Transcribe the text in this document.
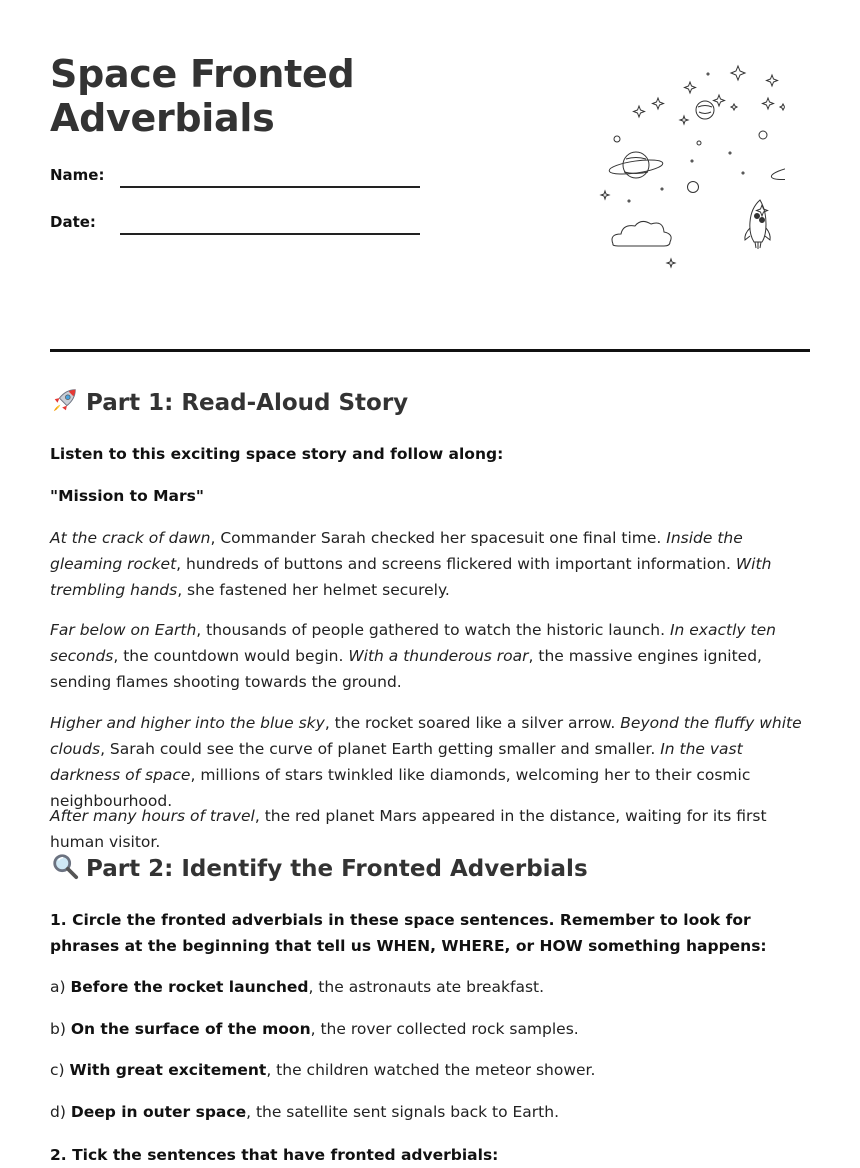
Space Fronted
Adverbials
Name:
Date:
Part 1: Read-Aloud Story

Listen to this exciting space story and follow along:

"Mission to Mars"

At the crack of dawn, Commander Sarah checked her spacesuit one final time. Inside the gleaming rocket, hundreds of buttons and screens flickered with important information. With trembling hands, she fastened her helmet securely.

Far below on Earth, thousands of people gathered to watch the historic launch. In exactly ten seconds, the countdown would begin. With a thunderous roar, the massive engines ignited, sending flames shooting towards the ground.

Higher and higher into the blue sky, the rocket soared like a silver arrow. Beyond the fluffy white clouds, Sarah could see the curve of planet Earth getting smaller and smaller. In the vast darkness of space, millions of stars twinkled like diamonds, welcoming her to their cosmic neighbourhood.

After many hours of travel, the red planet Mars appeared in the distance, waiting for its first human visitor.

Part 2: Identify the Fronted Adverbials

1. Circle the fronted adverbials in these space sentences. Remember to look for phrases at the beginning that tell us WHEN, WHERE, or HOW something happens:

a) Before the rocket launched, the astronauts ate breakfast.

b) On the surface of the moon, the rover collected rock samples.

c) With great excitement, the children watched the meteor shower.

d) Deep in outer space, the satellite sent signals back to Earth.

2. Tick the sentences that have fronted adverbials:
